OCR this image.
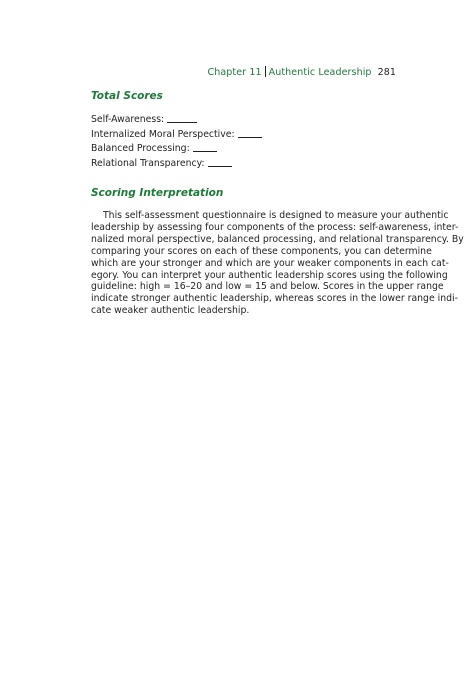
Chapter 11 Authentic Leadership 281
Total Scores
Self-Awareness:
Internalized Moral Perspective:
Balanced Processing:
Relational Transparency:
Scoring Interpretation
This self-assessment questionnaire is designed to measure your authentic
leadership by assessing four components of the process: self-awareness, inter-
nalized moral perspective, balanced processing, and relational transparency. By
comparing your scores on each of these components, you can determine
which are your stronger and which are your weaker components in each cat-
egory. You can interpret your authentic leadership scores using the following
guideline: high = 16–20 and low = 15 and below. Scores in the upper range
indicate stronger authentic leadership, whereas scores in the lower range indi-
cate weaker authentic leadership.
